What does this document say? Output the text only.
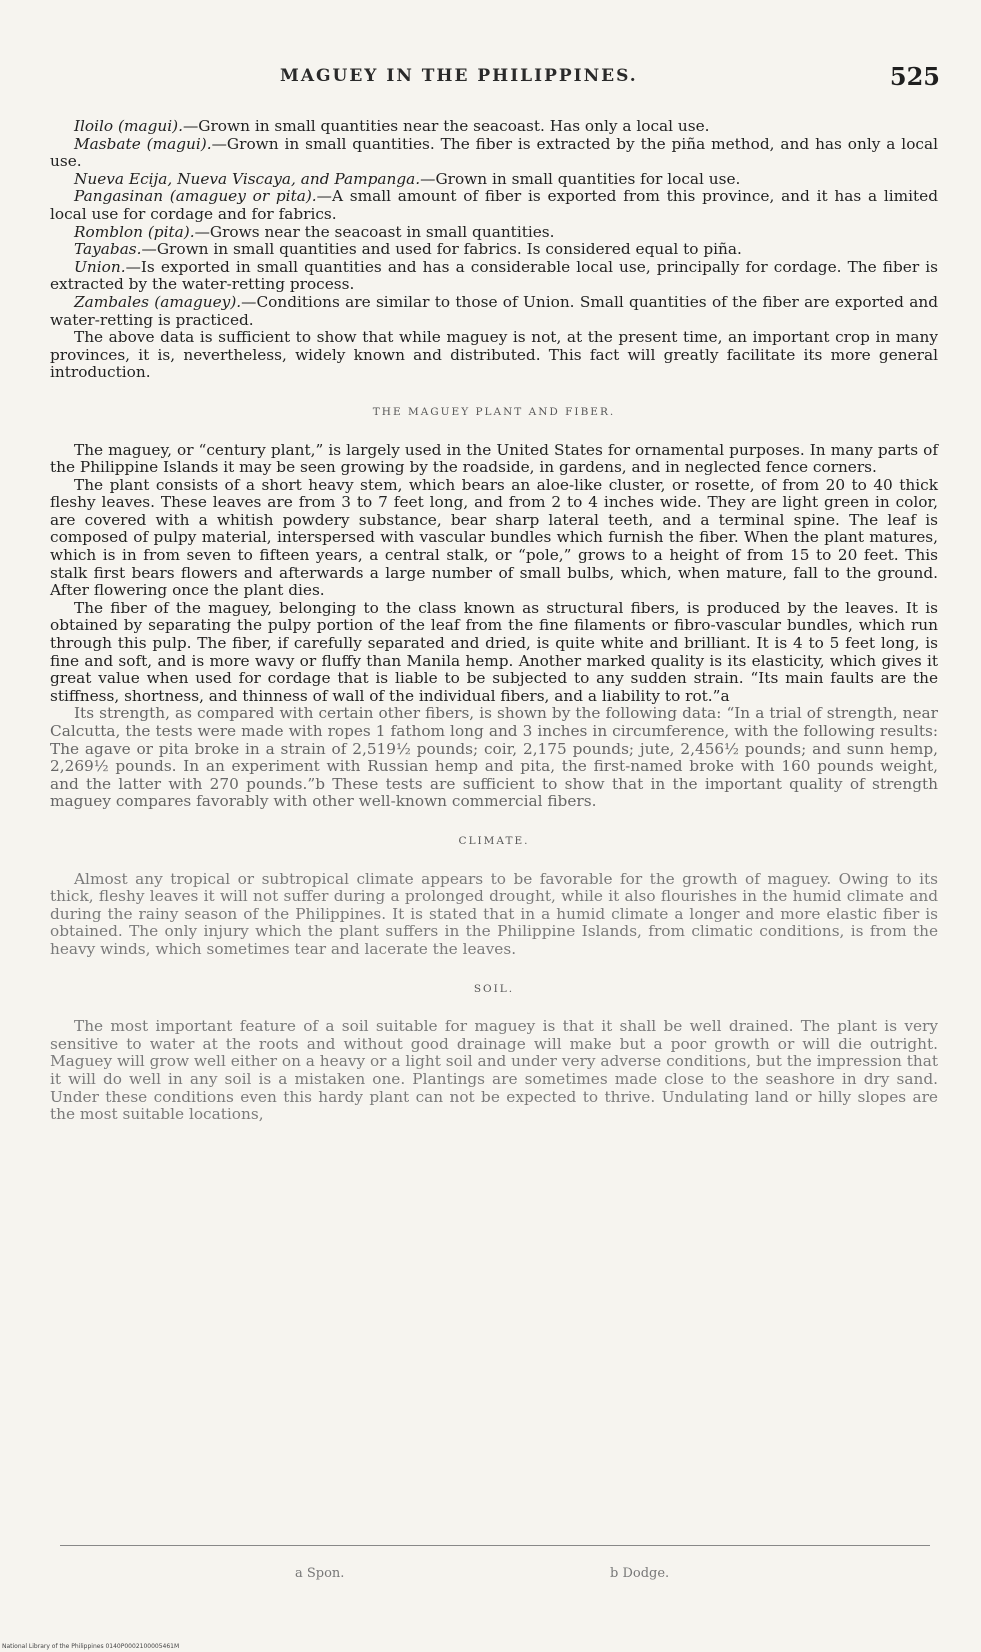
MAGUEY IN THE PHILIPPINES.	525

Iloilo (magui).—Grown in small quantities near the seacoast. Has only a local use.

Masbate (magui).—Grown in small quantities. The fiber is extracted by the piña method, and has only a local use.

Nueva Ecija, Nueva Viscaya, and Pampanga.—Grown in small quantities for local use.

Pangasinan (amaguey or pita).—A small amount of fiber is exported from this province, and it has a limited local use for cordage and for fabrics.

Romblon (pita).—Grows near the seacoast in small quantities.

Tayabas.—Grown in small quantities and used for fabrics. Is considered equal to piña.

Union.—Is exported in small quantities and has a considerable local use, principally for cordage. The fiber is extracted by the water-retting process.

Zambales (amaguey).—Conditions are similar to those of Union. Small quantities of the fiber are exported and water-retting is practiced.

The above data is sufficient to show that while maguey is not, at the present time, an important crop in many provinces, it is, nevertheless, widely known and distributed. This fact will greatly facilitate its more general introduction.

THE MAGUEY PLANT AND FIBER.

The maguey, or “century plant,” is largely used in the United States for ornamental purposes. In many parts of the Philippine Islands it may be seen growing by the roadside, in gardens, and in neglected fence corners.

The plant consists of a short heavy stem, which bears an aloe-like cluster, or rosette, of from 20 to 40 thick fleshy leaves. These leaves are from 3 to 7 feet long, and from 2 to 4 inches wide. They are light green in color, are covered with a whitish powdery substance, bear sharp lateral teeth, and a terminal spine. The leaf is composed of pulpy material, interspersed with vascular bundles which furnish the fiber. When the plant matures, which is in from seven to fifteen years, a central stalk, or “pole,” grows to a height of from 15 to 20 feet. This stalk first bears flowers and afterwards a large number of small bulbs, which, when mature, fall to the ground. After flowering once the plant dies.

The fiber of the maguey, belonging to the class known as structural fibers, is produced by the leaves. It is obtained by separating the pulpy portion of the leaf from the fine filaments or fibro-vascular bundles, which run through this pulp. The fiber, if carefully separated and dried, is quite white and brilliant. It is 4 to 5 feet long, is fine and soft, and is more wavy or fluffy than Manila hemp. Another marked quality is its elasticity, which gives it great value when used for cordage that is liable to be subjected to any sudden strain. “Its main faults are the stiffness, shortness, and thinness of wall of the individual fibers, and a liability to rot.”a

Its strength, as compared with certain other fibers, is shown by the following data: “In a trial of strength, near Calcutta, the tests were made with ropes 1 fathom long and 3 inches in circumference, with the following results: The agave or pita broke in a strain of 2,519½ pounds; coir, 2,175 pounds; jute, 2,456½ pounds; and sunn hemp, 2,269½ pounds. In an experiment with Russian hemp and pita, the first-named broke with 160 pounds weight, and the latter with 270 pounds.”b These tests are sufficient to show that in the important quality of strength maguey compares favorably with other well-known commercial fibers.

CLIMATE.

Almost any tropical or subtropical climate appears to be favorable for the growth of maguey. Owing to its thick, fleshy leaves it will not suffer during a prolonged drought, while it also flourishes in the humid climate and during the rainy season of the Philippines. It is stated that in a humid climate a longer and more elastic fiber is obtained. The only injury which the plant suffers in the Philippine Islands, from climatic conditions, is from the heavy winds, which sometimes tear and lacerate the leaves.

SOIL.

The most important feature of a soil suitable for maguey is that it shall be well drained. The plant is very sensitive to water at the roots and without good drainage will make but a poor growth or will die outright. Maguey will grow well either on a heavy or a light soil and under very adverse conditions, but the impression that it will do well in any soil is a mistaken one. Plantings are sometimes made close to the seashore in dry sand. Under these conditions even this hardy plant can not be expected to thrive. Undulating land or hilly slopes are the most suitable locations,

a Spon.	b Dodge.
National Library of the Philippines 0140P0002100005461M
